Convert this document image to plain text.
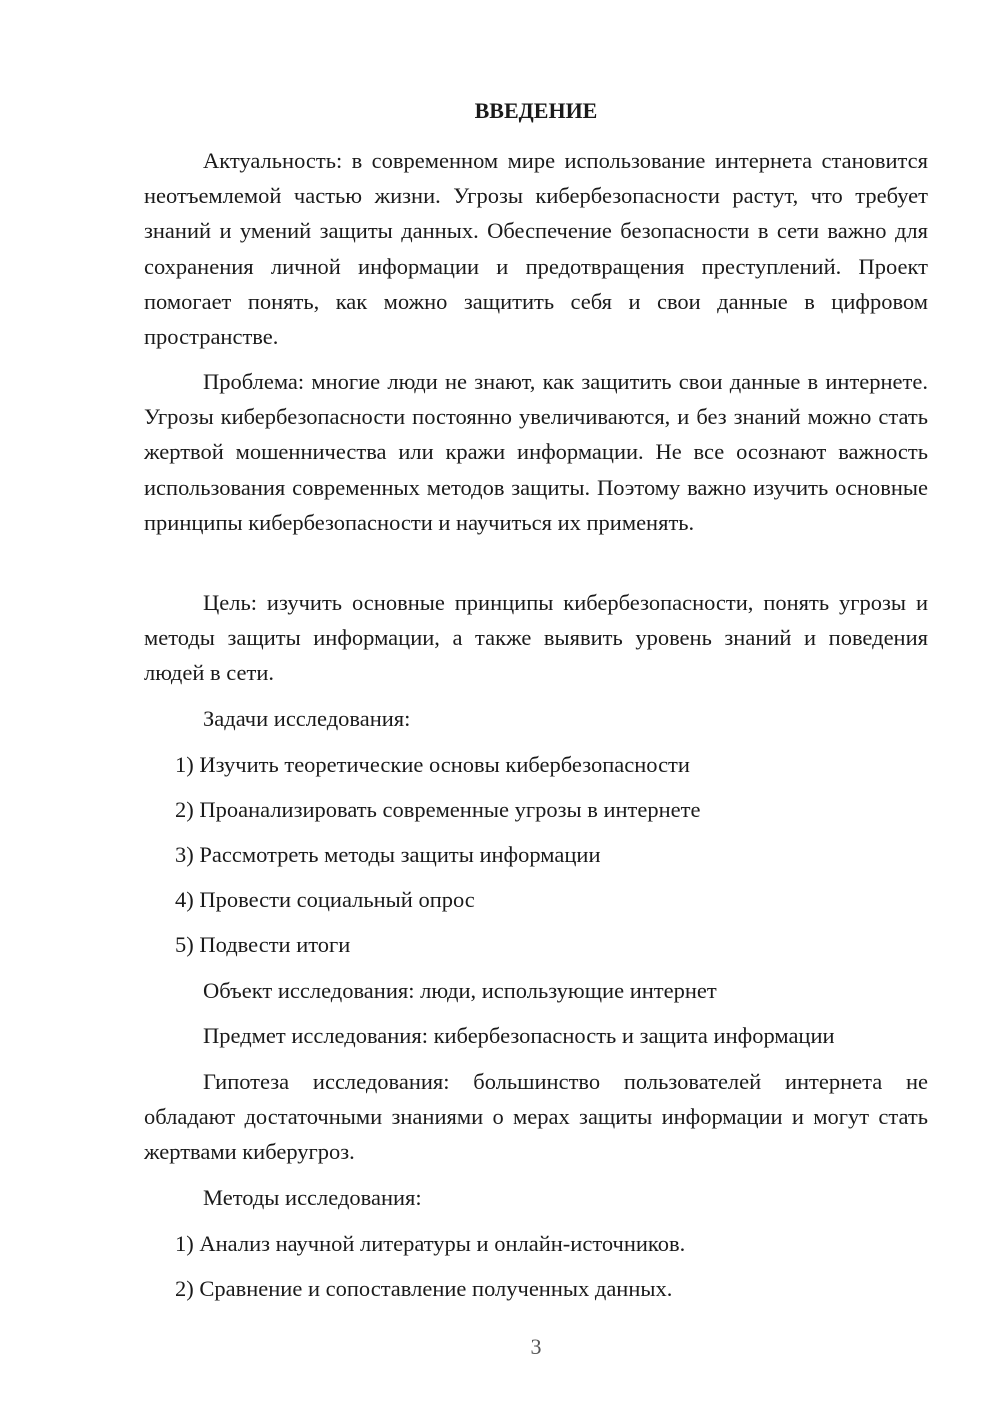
ВВЕДЕНИЕ

Актуальность: в современном мире использование интернета становится неотъемлемой частью жизни. Угрозы кибербезопасности растут, что требует знаний и умений защиты данных. Обеспечение безопасности в сети важно для сохранения личной информации и предотвращения преступлений. Проект помогает понять, как можно защитить себя и свои данные в цифровом пространстве.

Проблема: многие люди не знают, как защитить свои данные в интернете. Угрозы кибербезопасности постоянно увеличиваются, и без знаний можно стать жертвой мошенничества или кражи информации. Не все осознают важность использования современных методов защиты. Поэтому важно изучить основные принципы кибербезопасности и научиться их применять.

Цель: изучить основные принципы кибербезопасности, понять угрозы и методы защиты информации, а также выявить уровень знаний и поведения людей в сети.

Задачи исследования:

1) Изучить теоретические основы кибербезопасности

2) Проанализировать современные угрозы в интернете

3) Рассмотреть методы защиты информации

4) Провести социальный опрос

5) Подвести итоги

Объект исследования: люди, использующие интернет

Предмет исследования: кибербезопасность и защита информации

Гипотеза исследования: большинство пользователей интернета не обладают достаточными знаниями о мерах защиты информации и могут стать жертвами киберугроз.

Методы исследования:

1) Анализ научной литературы и онлайн-источников.

2) Сравнение и сопоставление полученных данных.

3
